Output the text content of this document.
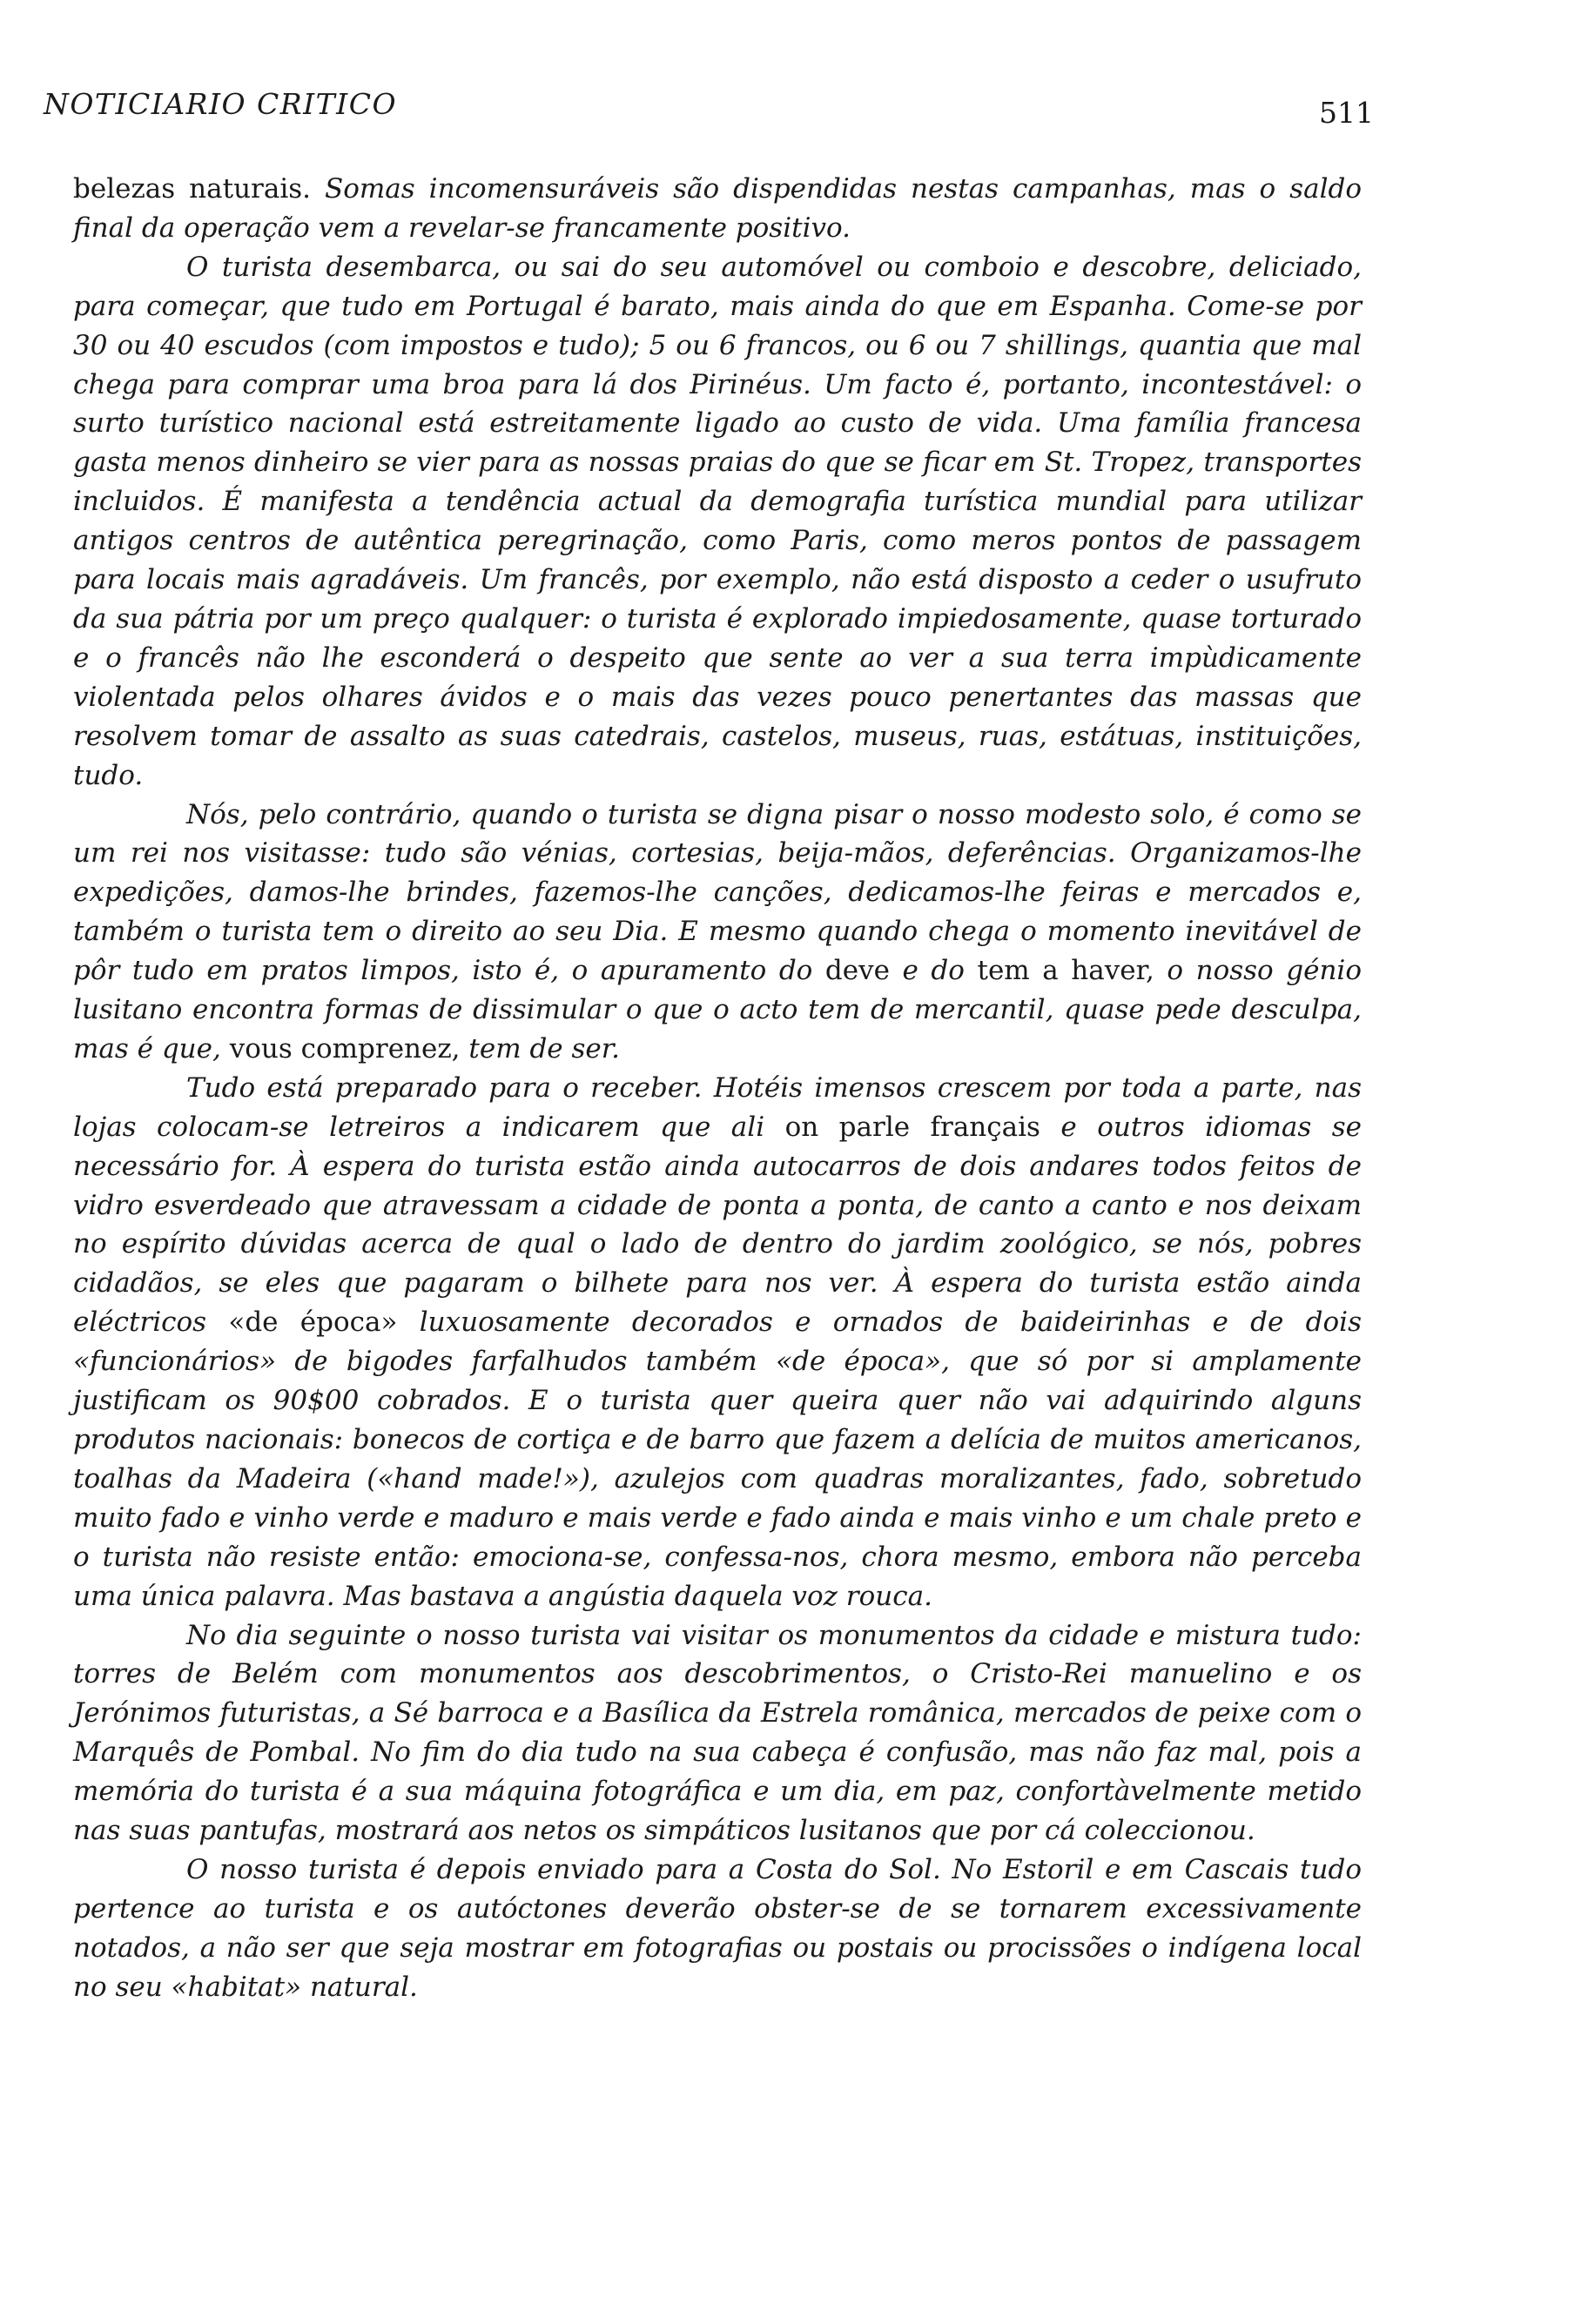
NOTICIARIO CRITICO	511

belezas naturais. Somas incomensuráveis são dispendidas nestas campanhas, mas o saldo final da operação vem a revelar-se francamente positivo.

O turista desembarca, ou sai do seu automóvel ou comboio e descobre, deliciado, para começar, que tudo em Portugal é barato, mais ainda do que em Espanha. Come-se por 30 ou 40 escudos (com impostos e tudo); 5 ou 6 francos, ou 6 ou 7 shillings, quantia que mal chega para comprar uma broa para lá dos Pirinéus. Um facto é, portanto, incontestável: o surto turístico nacional está estreitamente ligado ao custo de vida. Uma família francesa gasta menos dinheiro se vier para as nossas praias do que se ficar em St. Tropez, transportes incluidos. É manifesta a tendência actual da demografia turística mundial para utilizar antigos centros de autêntica peregrinação, como Paris, como meros pontos de passagem para locais mais agradáveis. Um francês, por exemplo, não está disposto a ceder o usufruto da sua pátria por um preço qualquer: o turista é explorado impiedosamente, quase torturado e o francês não lhe esconderá o despeito que sente ao ver a sua terra impùdicamente violentada pelos olhares ávidos e o mais das vezes pouco penertantes das massas que resolvem tomar de assalto as suas catedrais, castelos, museus, ruas, estátuas, instituições, tudo.

Nós, pelo contrário, quando o turista se digna pisar o nosso modesto solo, é como se um rei nos visitasse: tudo são vénias, cortesias, beija-mãos, deferências. Organizamos-lhe expedições, damos-lhe brindes, fazemos-lhe canções, dedicamos-lhe feiras e mercados e, também o turista tem o direito ao seu Dia. E mesmo quando chega o momento inevitável de pôr tudo em pratos limpos, isto é, o apuramento do deve e do tem a haver, o nosso génio lusitano encontra formas de dissimular o que o acto tem de mercantil, quase pede desculpa, mas é que, vous comprenez, tem de ser.

Tudo está preparado para o receber. Hotéis imensos crescem por toda a parte, nas lojas colocam-se letreiros a indicarem que ali on parle français e outros idiomas se necessário for. À espera do turista estão ainda autocarros de dois andares todos feitos de vidro esverdeado que atravessam a cidade de ponta a ponta, de canto a canto e nos deixam no espírito dúvidas acerca de qual o lado de dentro do jardim zoológico, se nós, pobres cidadãos, se eles que pagaram o bilhete para nos ver. À espera do turista estão ainda eléctricos «de época» luxuosamente decorados e ornados de baideirinhas e de dois «funcionários» de bigodes farfalhudos também «de época», que só por si amplamente justificam os 90$00 cobrados. E o turista quer queira quer não vai adquirindo alguns produtos nacionais: bonecos de cortiça e de barro que fazem a delícia de muitos americanos, toalhas da Madeira («hand made!»), azulejos com quadras moralizantes, fado, sobretudo muito fado e vinho verde e maduro e mais verde e fado ainda e mais vinho e um chale preto e o turista não resiste então: emociona-se, confessa-nos, chora mesmo, embora não perceba uma única palavra. Mas bastava a angústia daquela voz rouca.

No dia seguinte o nosso turista vai visitar os monumentos da cidade e mistura tudo: torres de Belém com monumentos aos descobrimentos, o Cristo-Rei manuelino e os Jerónimos futuristas, a Sé barroca e a Basílica da Estrela românica, mercados de peixe com o Marquês de Pombal. No fim do dia tudo na sua cabeça é confusão, mas não faz mal, pois a memória do turista é a sua máquina fotográfica e um dia, em paz, confortàvelmente metido nas suas pantufas, mostrará aos netos os simpáticos lusitanos que por cá coleccionou.

O nosso turista é depois enviado para a Costa do Sol. No Estoril e em Cascais tudo pertence ao turista e os autóctones deverão obster-se de se tornarem excessivamente notados, a não ser que seja mostrar em fotografias ou postais ou procissões o indígena local no seu «habitat» natural.
